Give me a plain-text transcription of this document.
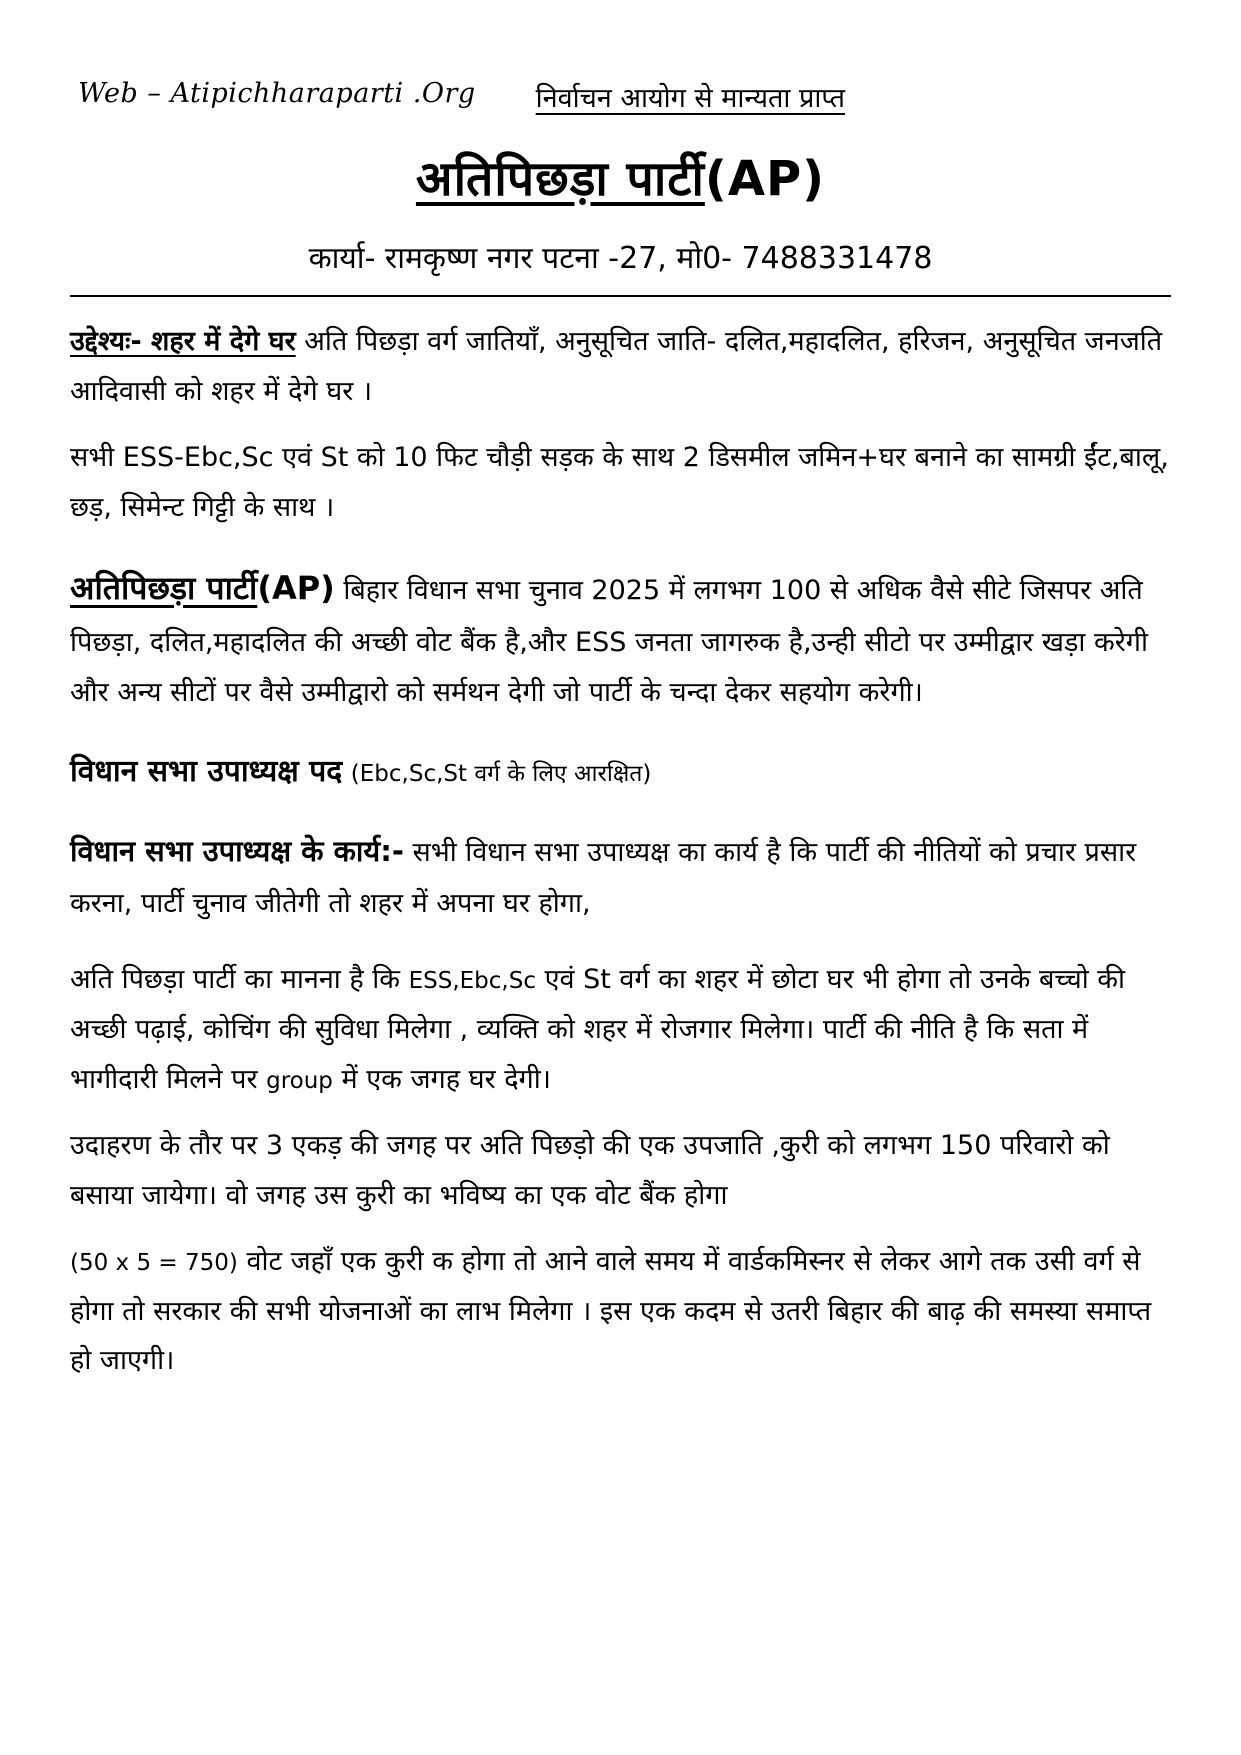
Web – Atipichharaparti .Org निर्वाचन आयोग से मान्यता प्राप्त
अतिपिछड़ा पार्टी(AP)
कार्या- रामकृष्ण नगर पटना -27, मो0- 7488331478

उद्देश्यः- शहर में देगे घर अति पिछड़ा वर्ग जातियाँ, अनुसूचित जाति- दलित,महादलित, हरिजन, अनुसूचित जनजति आदिवासी को शहर में देगे घर ।

सभी ESS-Ebc,Sc एवं St को 10 फिट चौड़ी सड़क के साथ 2 डिसमील जमिन+घर बनाने का सामग्री ईंट,बालू, छड़, सिमेन्ट गिट्टी के साथ ।

अतिपिछड़ा पार्टी(AP) बिहार विधान सभा चुनाव 2025 में लगभग 100 से अधिक वैसे सीटे जिसपर अति पिछड़ा, दलित,महादलित की अच्छी वोट बैंक है,और ESS जनता जागरुक है,उन्ही सीटो पर उम्मीद्वार खड़ा करेगी और अन्य सीटों पर वैसे उम्मीद्वारो को सर्मथन देगी जो पार्टी के चन्दा देकर सहयोग करेगी।

विधान सभा उपाध्यक्ष पद (Ebc,Sc,St वर्ग के लिए आरक्षित)

विधान सभा उपाध्यक्ष के कार्य:- सभी विधान सभा उपाध्यक्ष का कार्य है कि पार्टी की नीतियों को प्रचार प्रसार करना, पार्टी चुनाव जीतेगी तो शहर में अपना घर होगा,

अति पिछड़ा पार्टी का मानना है कि ESS,Ebc,Sc एवं St वर्ग का शहर में छोटा घर भी होगा तो उनके बच्चो की अच्छी पढ़ाई, कोचिंग की सुविधा मिलेगा , व्यक्ति को शहर में रोजगार मिलेगा। पार्टी की नीति है कि सता में भागीदारी मिलने पर group में एक जगह घर देगी।

उदाहरण के तौर पर 3 एकड़ की जगह पर अति पिछड़ो की एक उपजाति ,कुरी को लगभग 150 परिवारो को बसाया जायेगा। वो जगह उस कुरी का भविष्य का एक वोट बैंक होगा

(50 x 5 = 750) वोट जहाँ एक कुरी क होगा तो आने वाले समय में वार्डकमिस्नर से लेकर आगे तक उसी वर्ग से होगा तो सरकार की सभी योजनाओं का लाभ मिलेगा । इस एक कदम से उतरी बिहार की बाढ़ की समस्या समाप्त हो जाएगी।
